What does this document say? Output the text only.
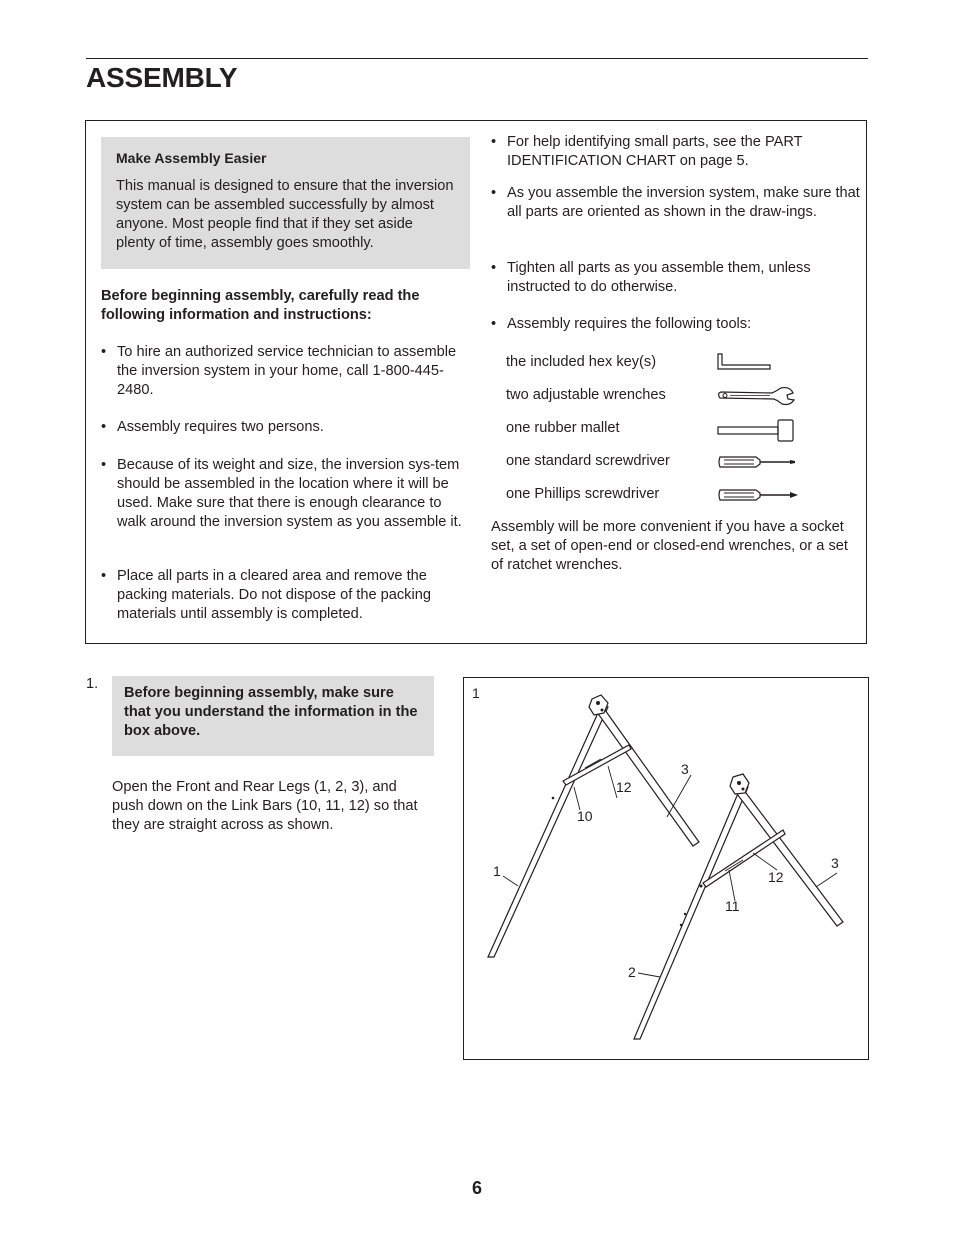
ASSEMBLY

Make Assembly Easier

This manual is designed to ensure that the inversion system can be assembled successfully by almost anyone. Most people find that if they set aside plenty of time, assembly goes smoothly.

Before beginning assembly, carefully read the following information and instructions:

• To hire an authorized service technician to assemble the inversion system in your home, call 1-800-445-2480.
• Assembly requires two persons.
• Because of its weight and size, the inversion sys-tem should be assembled in the location where it will be used. Make sure that there is enough clearance to walk around the inversion system as you assemble it.
• Place all parts in a cleared area and remove the packing materials. Do not dispose of the packing materials until assembly is completed.
• For help identifying small parts, see the PART IDENTIFICATION CHART on page 5.
• As you assemble the inversion system, make sure that all parts are oriented as shown in the draw-ings.
• Tighten all parts as you assemble them, unless instructed to do otherwise.
• Assembly requires the following tools:
the included hex key(s)
two adjustable wrenches
one rubber mallet
one standard screwdriver
one Phillips screwdriver

Assembly will be more convenient if you have a socket set, a set of open-end or closed-end wrenches, or a set of ratchet wrenches.

1.
Before beginning assembly, make sure that you understand the information in the box above.

Open the Front and Rear Legs (1, 2, 3), and push down on the Link Bars (10, 11, 12) so that they are straight across as shown.

1
1
2
3
3
10
11
12
12
6
